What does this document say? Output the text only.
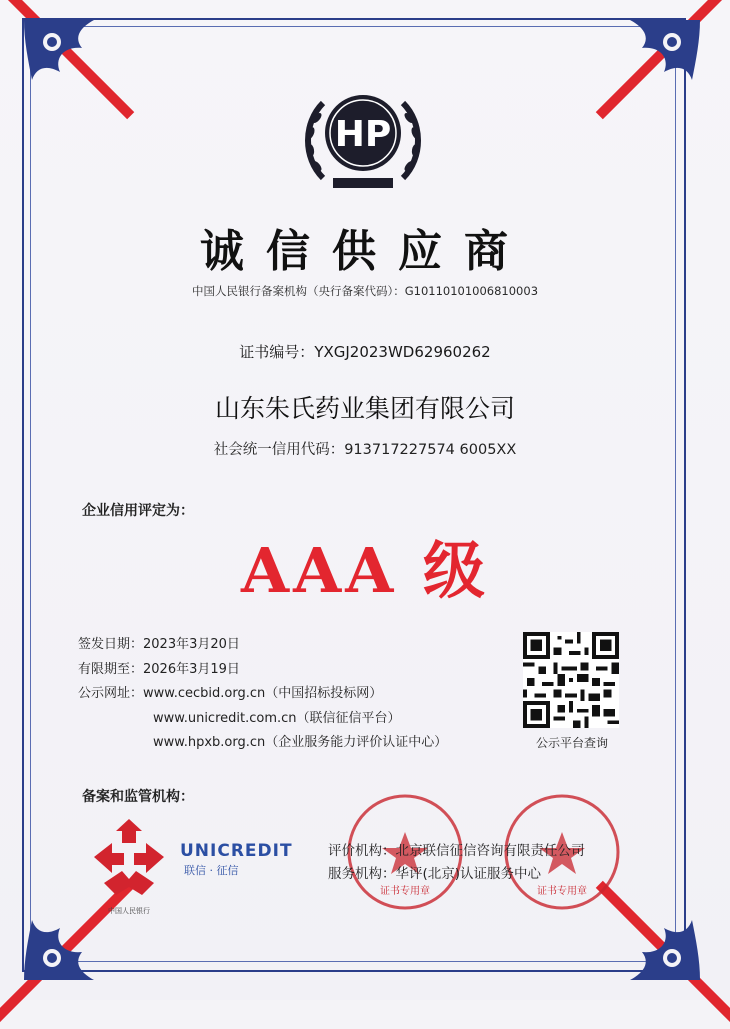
HP
诚信供应商
中国人民银行备案机构（央行备案代码）：G10110101006810003
证书编号：YXGJ2023WD62960262
山东朱氏药业集团有限公司
社会统一信用代码：913717227574 6005XX
企业信用评定为：
AAA 级
签发日期：2023年3月20日
有限期至：2026年3月19日
公示网址：www.cecbid.org.cn（中国招标投标网）
www.unicredit.com.cn（联信征信平台）
www.hpxb.org.cn（企业服务能力评价认证中心）	公示平台查询
备案和监管机构：
中国人民银行
UNICREDIT
联信 · 征信
证书专用章	证书专用章
评价机构：北京联信征信咨询有限责任公司
服务机构：华评(北京)认证服务中心
